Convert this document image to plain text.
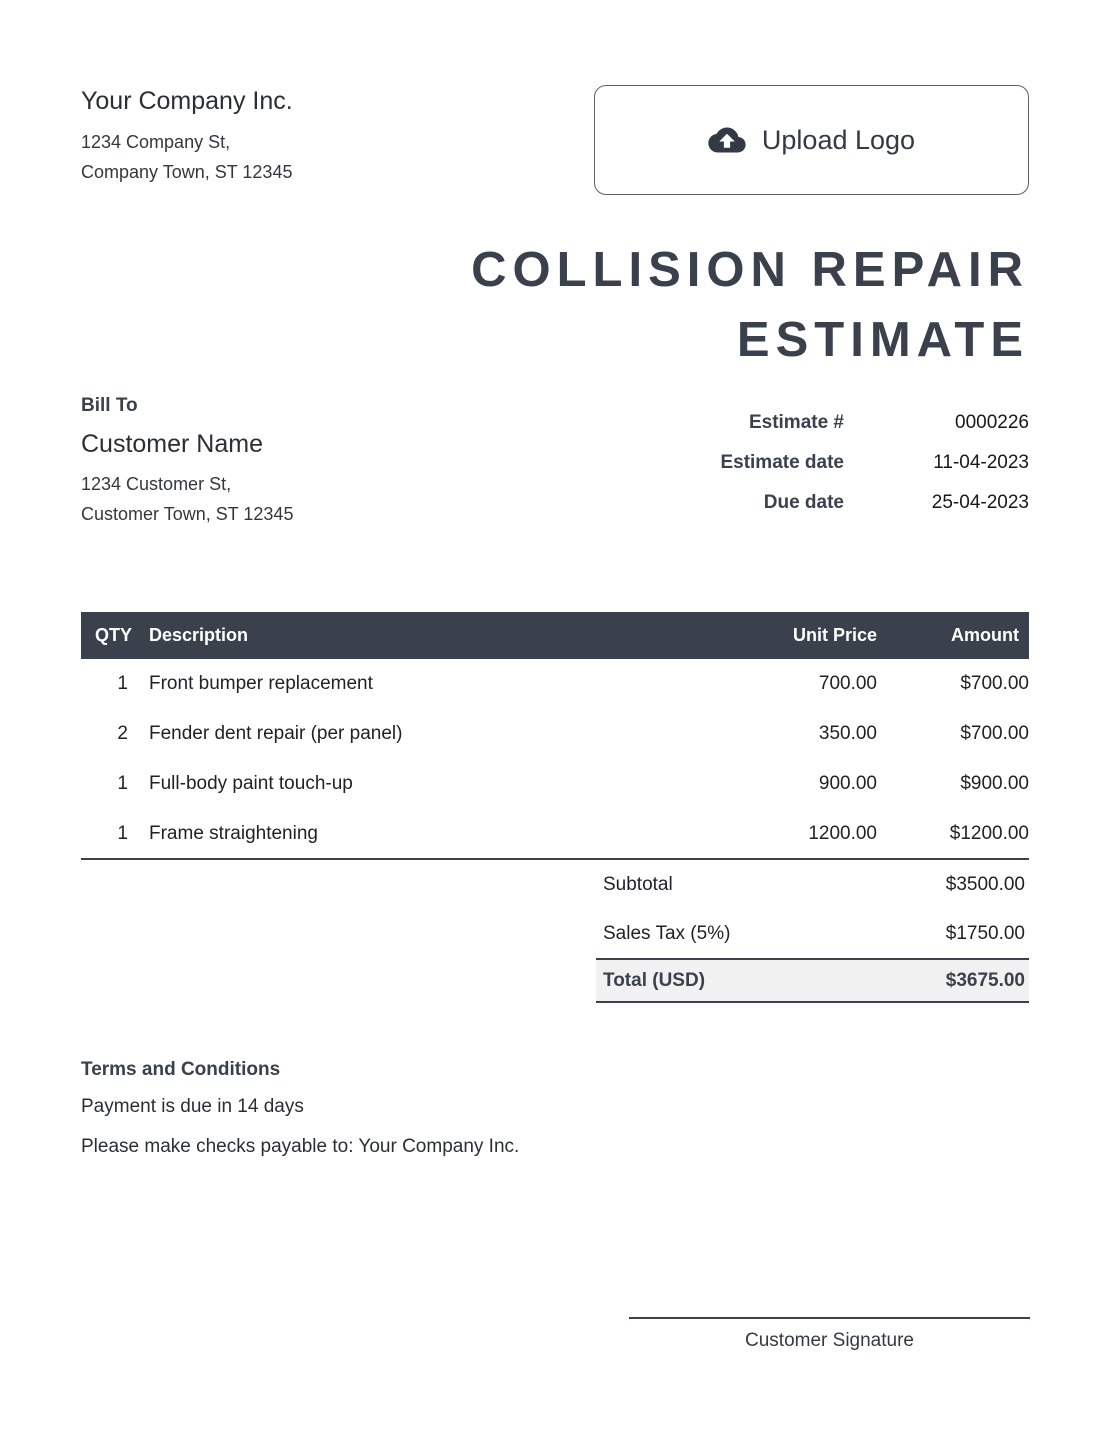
Your Company Inc.
1234 Company St,
Company Town, ST 12345
Upload Logo
COLLISION REPAIR
ESTIMATE
Bill To
Customer Name
1234 Customer St,
Customer Town, ST 12345
Estimate #	0000226
Estimate date	11-04-2023
Due date	25-04-2023
QTY	Description	Unit Price	Amount
1	Front bumper replacement	700.00	$700.00
2	Fender dent repair (per panel)	350.00	$700.00
1	Full-body paint touch-up	900.00	$900.00
1	Frame straightening	1200.00	$1200.00
Subtotal	$3500.00
Sales Tax (5%)	$1750.00
Total (USD)	$3675.00
Terms and Conditions
Payment is due in 14 days
Please make checks payable to: Your Company Inc.
Customer Signature
